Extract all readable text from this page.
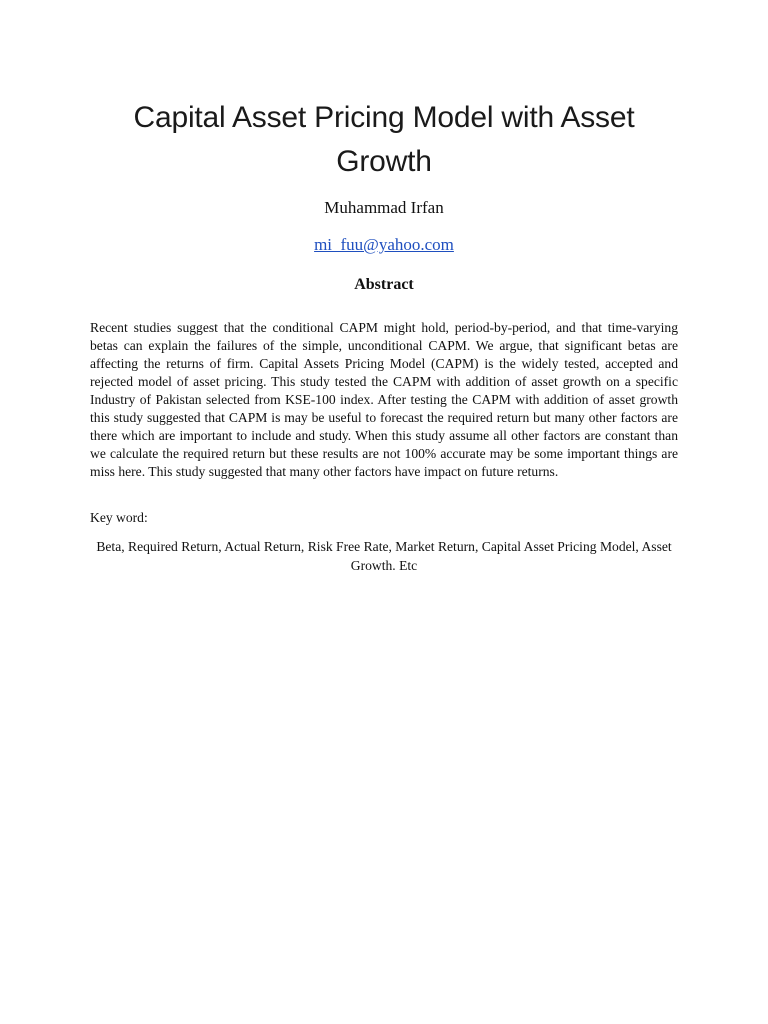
Capital Asset Pricing Model with Asset Growth
Muhammad Irfan
mi_fuu@yahoo.com
Abstract

Recent studies suggest that the conditional CAPM might hold, period-by-period, and that time-varying betas can explain the failures of the simple, unconditional CAPM. We argue, that significant betas are affecting the returns of firm. Capital Assets Pricing Model (CAPM) is the widely tested, accepted and rejected model of asset pricing. This study tested the CAPM with addition of asset growth on a specific Industry of Pakistan selected from KSE-100 index. After testing the CAPM with addition of asset growth this study suggested that CAPM is may be useful to forecast the required return but many other factors are there which are important to include and study. When this study assume all other factors are constant than we calculate the required return but these results are not 100% accurate may be some important things are miss here. This study suggested that many other factors have impact on future returns.

Key word:

Beta, Required Return, Actual Return, Risk Free Rate, Market Return, Capital Asset Pricing Model, Asset Growth. Etc
